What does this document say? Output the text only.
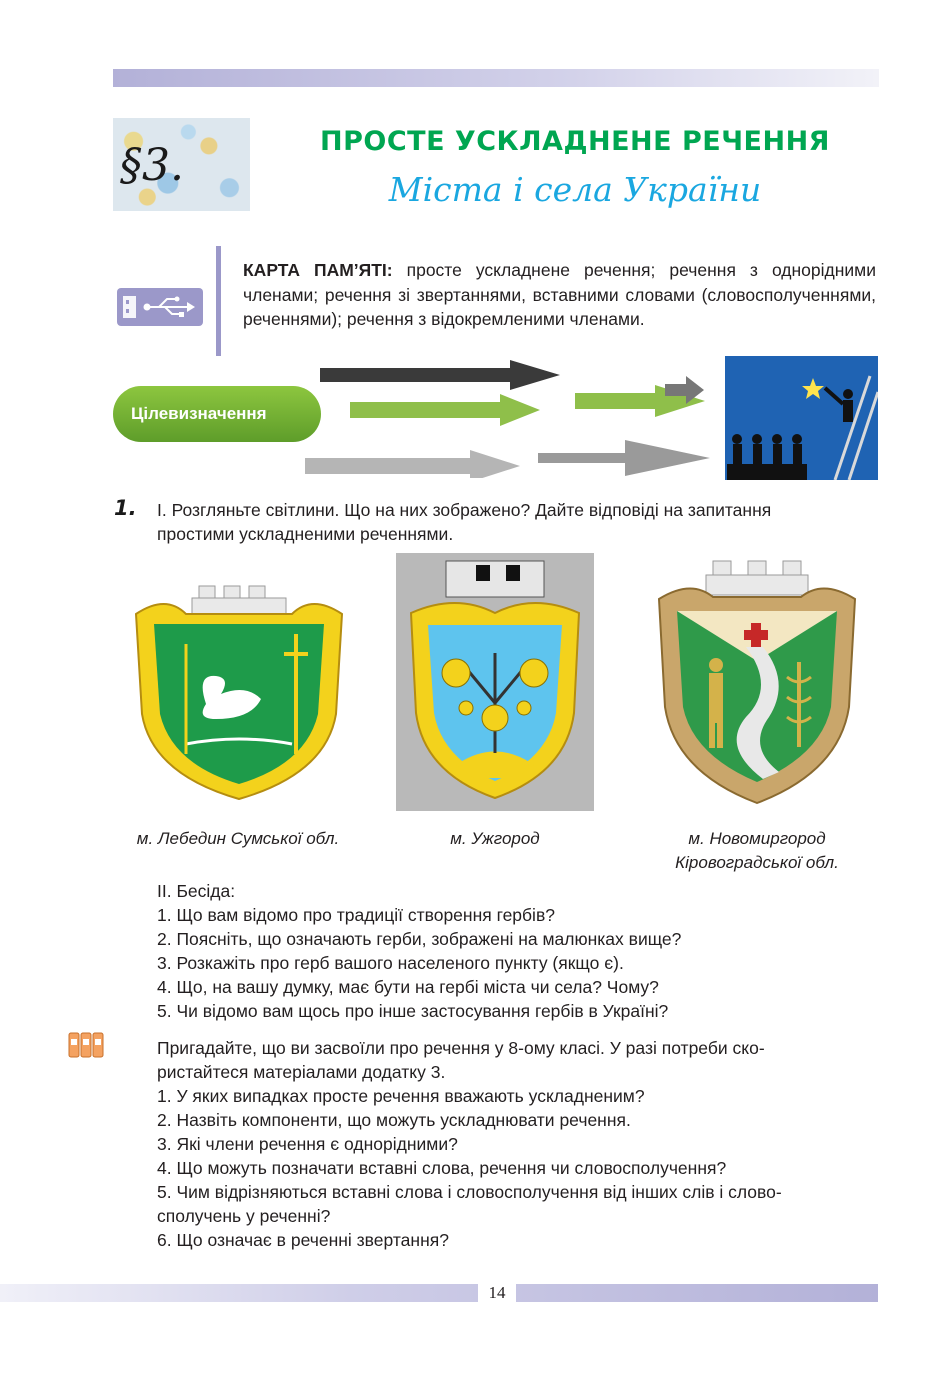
§3.	ПРОСТЕ УСКЛАДНЕНЕ РЕЧЕННЯ
Міста і села України
КАРТА ПАМ’ЯТІ: просте ускладнене речення; речення з однорідними членами; речення зі звертаннями, вставними словами (словосполученнями, реченнями); речення з відокремленими членами.
Цілевизначення
1. І. Розгляньте світлини. Що на них зображено? Дайте відповіді на запитання
простими ускладненими реченнями.
м. Лебедин Сумської обл.	м. Ужгород	м. Новомиргород
Кіровоградської обл.
ІІ. Бесіда:
1. Що вам відомо про традиції створення гербів?
2. Поясніть, що означають герби, зображені на малюнках вище?
3. Розкажіть про герб вашого населеного пункту (якщо є).
4. Що, на вашу думку, має бути на гербі міста чи села? Чому?
5. Чи відомо вам щось про інше застосування гербів в Україні?
Пригадайте, що ви засвоїли про речення у 8-ому класі. У разі потреби ско-
ристайтеся матеріалами додатку 3.
1. У яких випадках просте речення вважають ускладненим?
2. Назвіть компоненти, що можуть ускладнювати речення.
3. Які члени речення є однорідними?
4. Що можуть позначати вставні слова, речення чи словосполучення?
5. Чим відрізняються вставні слова і словосполучення від інших слів і слово-
сполучень у реченні?
6. Що означає в реченні звертання?
14
